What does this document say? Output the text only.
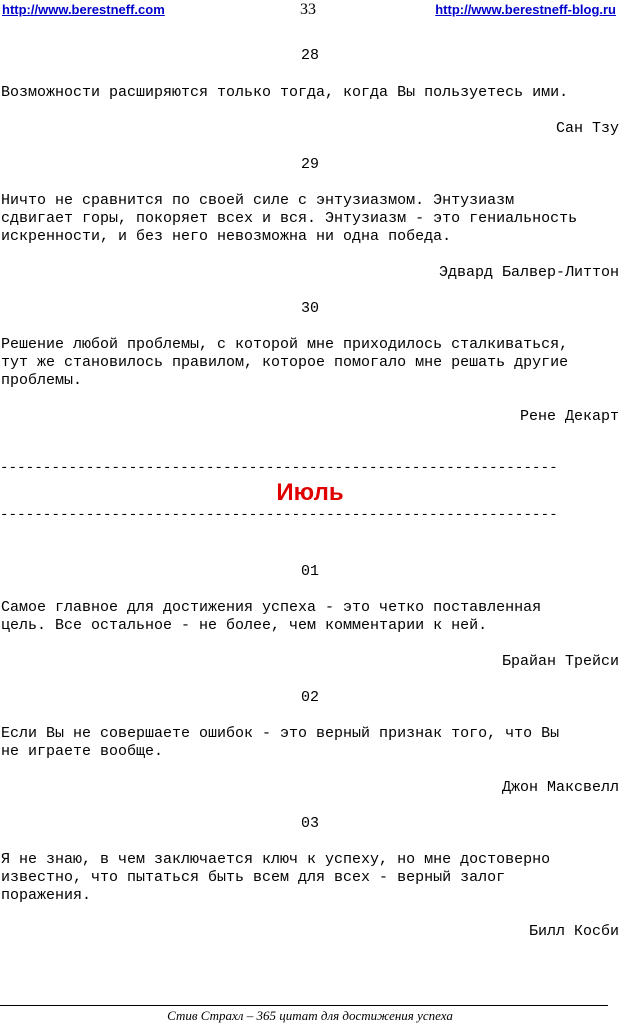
http://www.berestneff.com	33	http://www.berestneff-blog.ru
28
Возможности расширяются только тогда, когда Вы пользуетесь ими.
Сан Тзу
29
Ничто не сравнится по своей силе с энтузиазмом. Энтузиазм
сдвигает горы, покоряет всех и вся. Энтузиазм - это гениальность
искренности, и без него невозможна ни одна победа.
Эдвард Балвер-Литтон
30
Решение любой проблемы, с которой мне приходилось сталкиваться,
тут же становилось правилом, которое помогало мне решать другие
проблемы.
Рене Декарт
-----------------------------------------------------------------
Июль
-----------------------------------------------------------------
01
Самое главное для достижения успеха - это четко поставленная
цель. Все остальное - не более, чем комментарии к ней.
Брайан Трейси
02
Если Вы не совершаете ошибок - это верный признак того, что Вы
не играете вообще.
Джон Максвелл
03
Я не знаю, в чем заключается ключ к успеху, но мне достоверно
известно, что пытаться быть всем для всех - верный залог
поражения.
Билл Косби
Стив Страхл – 365 цитат для достижения успеха
